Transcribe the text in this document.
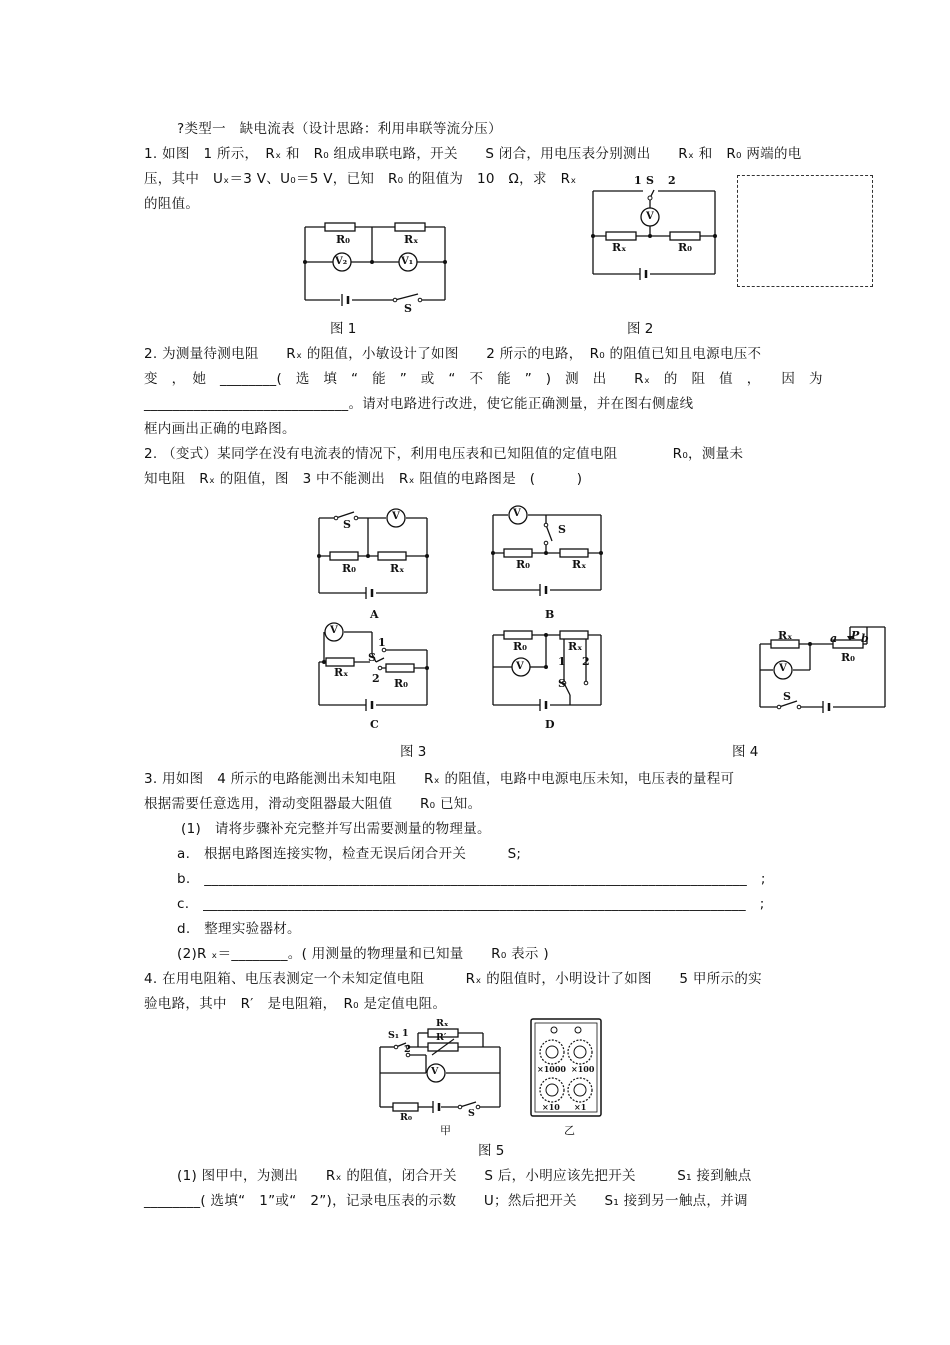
?类型一　缺电流表（设计思路：利用串联等流分压）
1. 如图　1 所示，　Rₓ 和　R₀ 组成串联电路，开关　　S 闭合，用电压表分别测出　　Rₓ 和　R₀ 两端的电
压，其中　Uₓ＝3 V、U₀＝5 V，已知　R₀ 的阻值为　10　Ω，求　Rₓ
的阻值。
R₀	Rₓ
V₂	V₁
S
1 S 2
V
Rₓ	R₀
图 1	图 2
2. 为测量待测电阻　　Rₓ 的阻值，小敏设计了如图　　2 所示的电路，　R₀ 的阻值已知且电源电压不
变　，　她　________(　选　填　“　能　”　或　“　不　能　”　)　测　出　　Rₓ　的　阻　值　，　　因　为
_____________________________。请对电路进行改进，使它能正确测量，并在图右侧虚线
框内画出正确的电路图。
2. （变式）某同学在没有电流表的情况下，利用电压表和已知阻值的定值电阻　　　　R₀，测量未
知电阻　Rₓ 的阻值，图　3 中不能测出　Rₓ 阻值的电路图是　(　　　)
S
V
R₀	Rₓ
A
V
S
R₀	Rₓ
B
V
1
S
2
Rₓ
R₀
C
R₀	Rₓ
V	1 2
S
D
Rₓ	a P b
R₀
V
S
图 3	图 4
3. 用如图　4 所示的电路能测出未知电阻　　Rₓ 的阻值，电路中电源电压未知，电压表的量程可
根据需要任意选用，滑动变阻器最大阻值　　R₀ 已知。
(1)　请将步骤补充完整并写出需要测量的物理量。
a.　根据电路图连接实物，检查无误后闭合开关　　　S;
b.　_____________________________________________________________________________　;
c.　_____________________________________________________________________________　;
d.　整理实验器材。
(2)R ₓ＝________。( 用测量的物理量和已知量　　R₀ 表示 )
4. 在用电阻箱、电压表测定一个未知定值电阻　　　Rₓ 的阻值时，小明设计了如图　　5 甲所示的实
验电路，其中　R′　是电阻箱，　R₀ 是定值电阻。
Rₓ
R′
S₁ 1
2
V
R₀	S
甲
×1000 ×100
×10 ×1
乙
图 5
(1) 图甲中，为测出　　Rₓ 的阻值，闭合开关　　S 后，小明应该先把开关　　　S₁ 接到触点
________( 选填“　1”或“　2”)，记录电压表的示数　　U；然后把开关　　S₁ 接到另一触点，并调
